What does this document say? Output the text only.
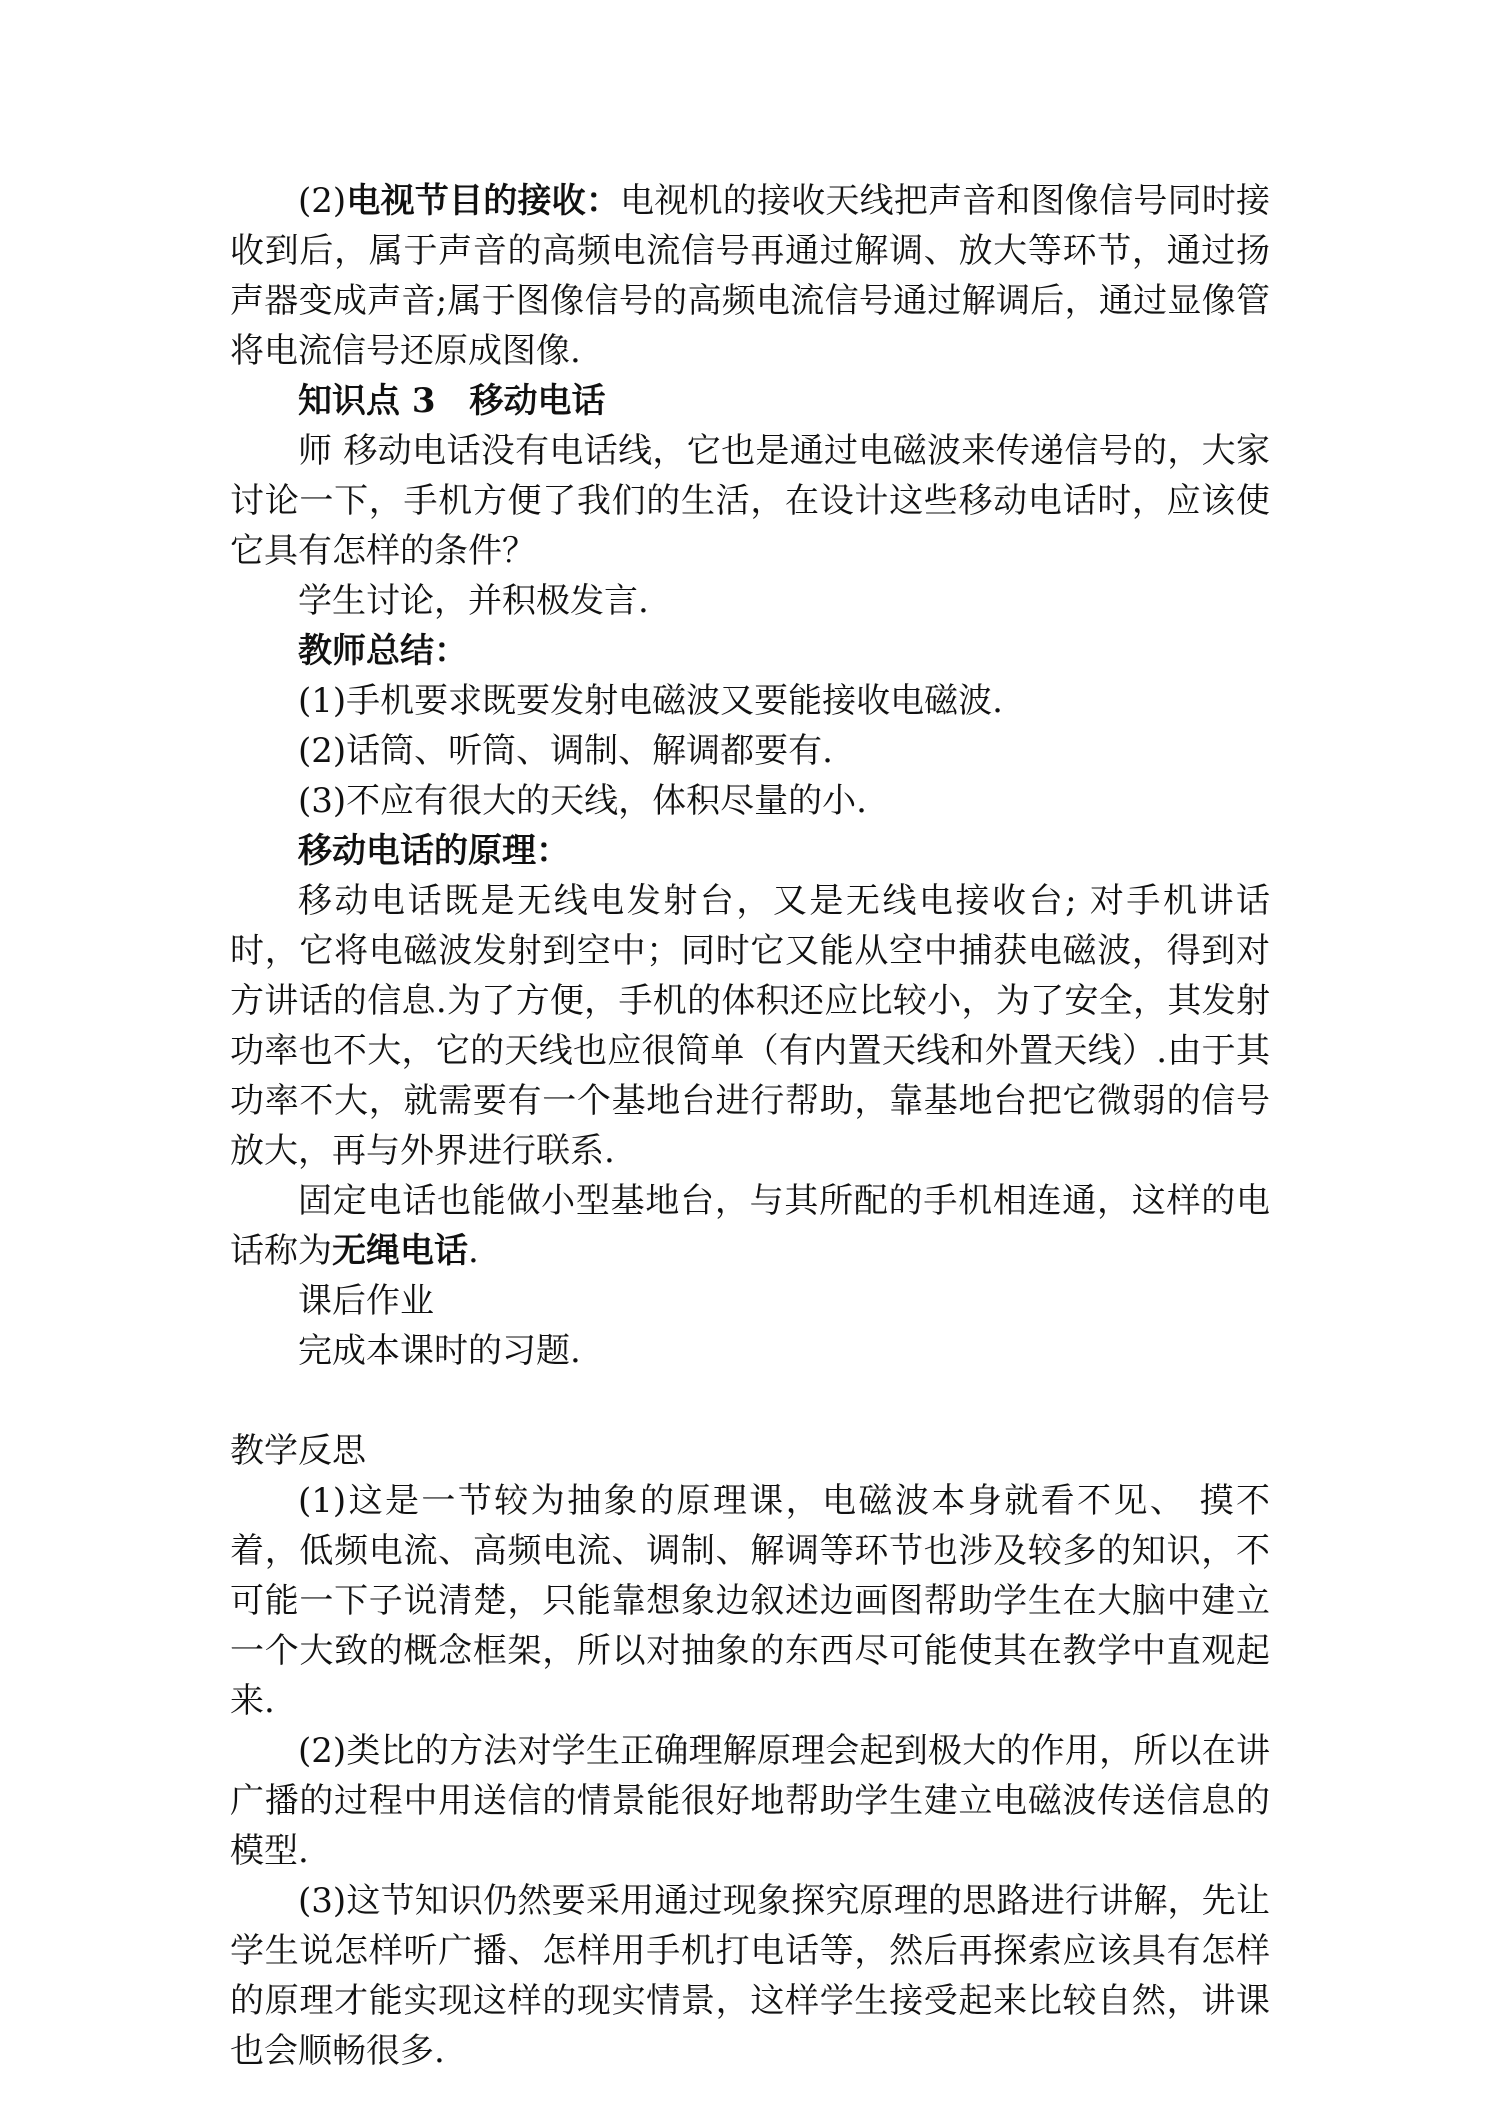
(2)电视节目的接收：电视机的接收天线把声音和图像信号同时接收到后，属于声音的高频电流信号再通过解调、放大等环节，通过扬声器变成声音;属于图像信号的高频电流信号通过解调后，通过显像管将电流信号还原成图像.

知识点 3 移动电话

师 移动电话没有电话线，它也是通过电磁波来传递信号的，大家讨论一下，手机方便了我们的生活，在设计这些移动电话时，应该使它具有怎样的条件？

学生讨论，并积极发言.

教师总结：

(1)手机要求既要发射电磁波又要能接收电磁波.

(2)话筒、听筒、调制、解调都要有.

(3)不应有很大的天线，体积尽量的小.

移动电话的原理：

移动电话既是无线电发射台，又是无线电接收台; 对手机讲话时，它将电磁波发射到空中；同时它又能从空中捕获电磁波，得到对方讲话的信息.为了方便，手机的体积还应比较小，为了安全，其发射功率也不大，它的天线也应很简单（有内置天线和外置天线）.由于其功率不大，就需要有一个基地台进行帮助，靠基地台把它微弱的信号放大，再与外界进行联系.

固定电话也能做小型基地台，与其所配的手机相连通，这样的电话称为无绳电话.

课后作业

完成本课时的习题.

教学反思

(1)这是一节较为抽象的原理课，电磁波本身就看不见、 摸不着，低频电流、高频电流、调制、解调等环节也涉及较多的知识，不可能一下子说清楚，只能靠想象边叙述边画图帮助学生在大脑中建立一个大致的概念框架，所以对抽象的东西尽可能使其在教学中直观起来.

(2)类比的方法对学生正确理解原理会起到极大的作用，所以在讲广播的过程中用送信的情景能很好地帮助学生建立电磁波传送信息的模型.

(3)这节知识仍然要采用通过现象探究原理的思路进行讲解，先让学生说怎样听广播、怎样用手机打电话等，然后再探索应该具有怎样的原理才能实现这样的现实情景，这样学生接受起来比较自然，讲课也会顺畅很多.
